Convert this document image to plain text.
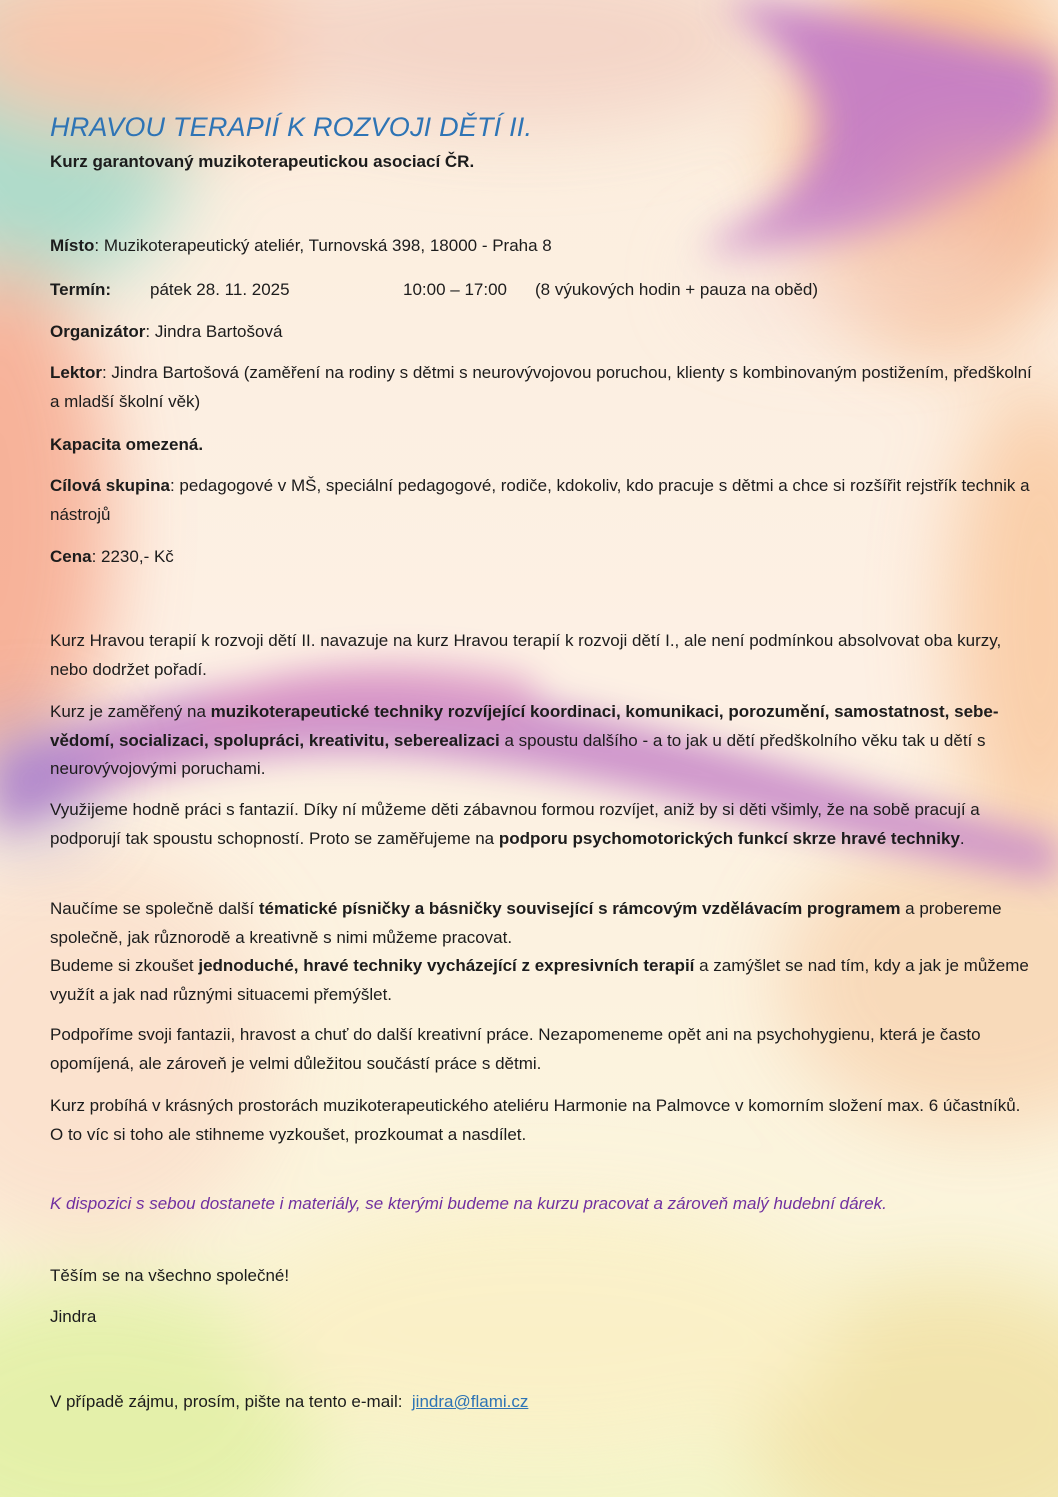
HRAVOU TERAPIÍ K ROZVOJI DĚTÍ II.
Kurz garantovaný muzikoterapeutickou asociací ČR.
Místo: Muzikoterapeutický ateliér, Turnovská 398, 18000 - Praha 8
Termín: pátek 28. 11. 2025	10:00 – 17:00 (8 výukových hodin + pauza na oběd)
Organizátor: Jindra Bartošová
Lektor: Jindra Bartošová (zaměření na rodiny s dětmi s neurovývojovou poruchou, klienty s kombinovaným postižením, předškolní a mladší školní věk)
Kapacita omezená.
Cílová skupina: pedagogové v MŠ, speciální pedagogové, rodiče, kdokoliv, kdo pracuje s dětmi a chce si rozšířit rejstřík technik a nástrojů
Cena: 2230,- Kč
Kurz Hravou terapií k rozvoji dětí II. navazuje na kurz Hravou terapií k rozvoji dětí I., ale není podmínkou absolvovat oba kurzy, nebo dodržet pořadí.
Kurz je zaměřený na muzikoterapeutické techniky rozvíjející koordinaci, komunikaci, porozumění, samostatnost, sebe-vědomí, socializaci, spolupráci, kreativitu, seberealizaci a spoustu dalšího - a to jak u dětí předškolního věku tak u dětí s neurovývojovými poruchami.
Využijeme hodně práci s fantazií. Díky ní můžeme děti zábavnou formou rozvíjet, aniž by si děti všimly, že na sobě pracují a podporují tak spoustu schopností. Proto se zaměřujeme na podporu psychomotorických funkcí skrze hravé techniky.
Naučíme se společně další tématické písničky a básničky související s rámcovým vzdělávacím programem a probereme společně, jak různorodě a kreativně s nimi můžeme pracovat.
Budeme si zkoušet jednoduché, hravé techniky vycházející z expresivních terapií a zamýšlet se nad tím, kdy a jak je můžeme využít a jak nad různými situacemi přemýšlet.
Podpoříme svoji fantazii, hravost a chuť do další kreativní práce. Nezapomeneme opět ani na psychohygienu, která je často opomíjená, ale zároveň je velmi důležitou součástí práce s dětmi.
Kurz probíhá v krásných prostorách muzikoterapeutického ateliéru Harmonie na Palmovce v komorním složení max. 6 účastníků. O to víc si toho ale stihneme vyzkoušet, prozkoumat a nasdílet.
K dispozici s sebou dostanete i materiály, se kterými budeme na kurzu pracovat a zároveň malý hudební dárek.
Těším se na všechno společné!
Jindra
V případě zájmu, prosím, pište na tento e-mail: jindra@flami.cz
